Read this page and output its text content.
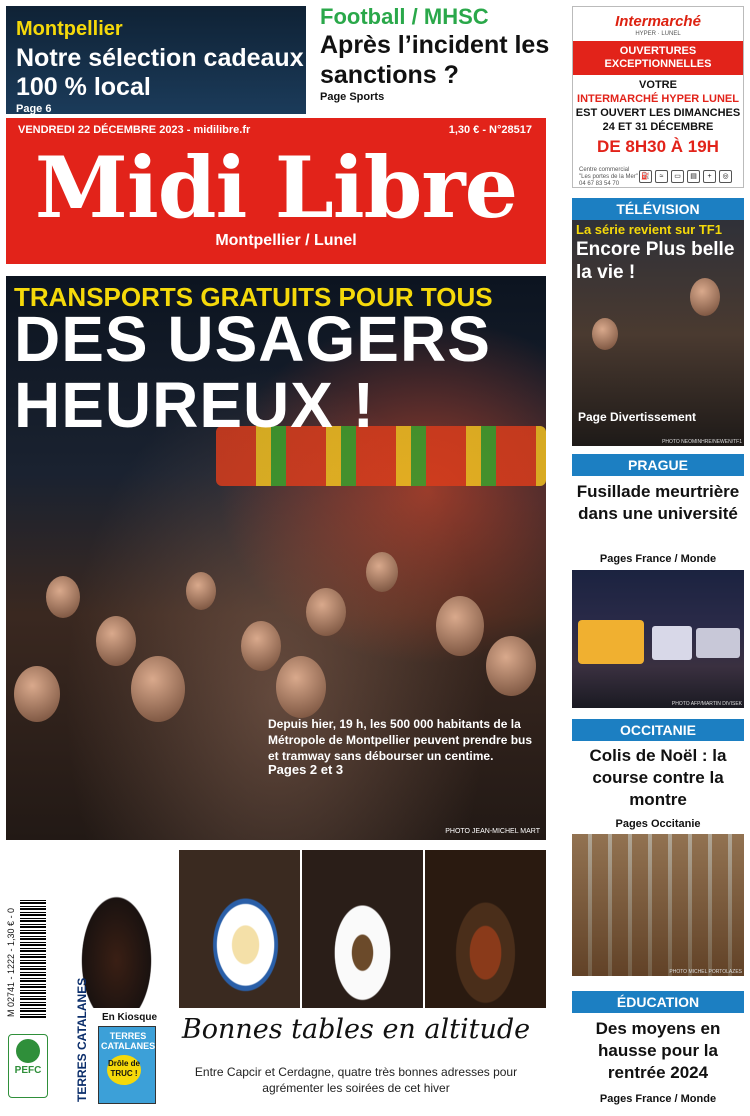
Montpellier
Notre sélection cadeaux 100 % local
Page 6
Football / MHSC
Après l’incident les sanctions ?
Page Sports
Intermarché
HYPER · LUNEL
OUVERTURES EXCEPTIONNELLES
VOTRE
INTERMARCHÉ HYPER LUNEL
EST OUVERT LES DIMANCHES
24 ET 31 DÉCEMBRE
DE 8H30 À 19H
Centre commercial "Les portes de la Mer" 04 67 83 54 70
⛽	≈	▭	▤	+	◎
VENDREDI 22 DÉCEMBRE 2023 - midilibre.fr	1,30 € - N°28517
Midi Libre
Montpellier / Lunel
TRANSPORTS GRATUITS POUR TOUS
DES USAGERS HEUREUX !
Depuis hier, 19 h, les 500 000 habitants de la Métropole de Montpellier peuvent prendre bus et tramway sans débourser un centime.
Pages 2 et 3
PHOTO JEAN-MICHEL MART
M 02741 - 1222 - 1,30 € - 0
PEFC	TERRES CATALANES	En Kiosque
TERRES CATALANES
Drôle de TRUC !
Bonnes tables en altitude
Entre Capcir et Cerdagne, quatre très bonnes adresses pour agrémenter les soirées de cet hiver
TÉLÉVISION
La série revient sur TF1
Encore Plus belle la vie !
Page Divertissement
PHOTO NEOMINHRE/NEWEN/TF1
PRAGUE
Fusillade meurtrière dans une université
Pages France / Monde
PHOTO AFP/MARTIN DIVISEK
OCCITANIE
Colis de Noël : la course contre la montre
Pages Occitanie
PHOTO MICHEL PORTOLAZES
ÉDUCATION
Des moyens en hausse pour la rentrée 2024
Pages France / Monde
